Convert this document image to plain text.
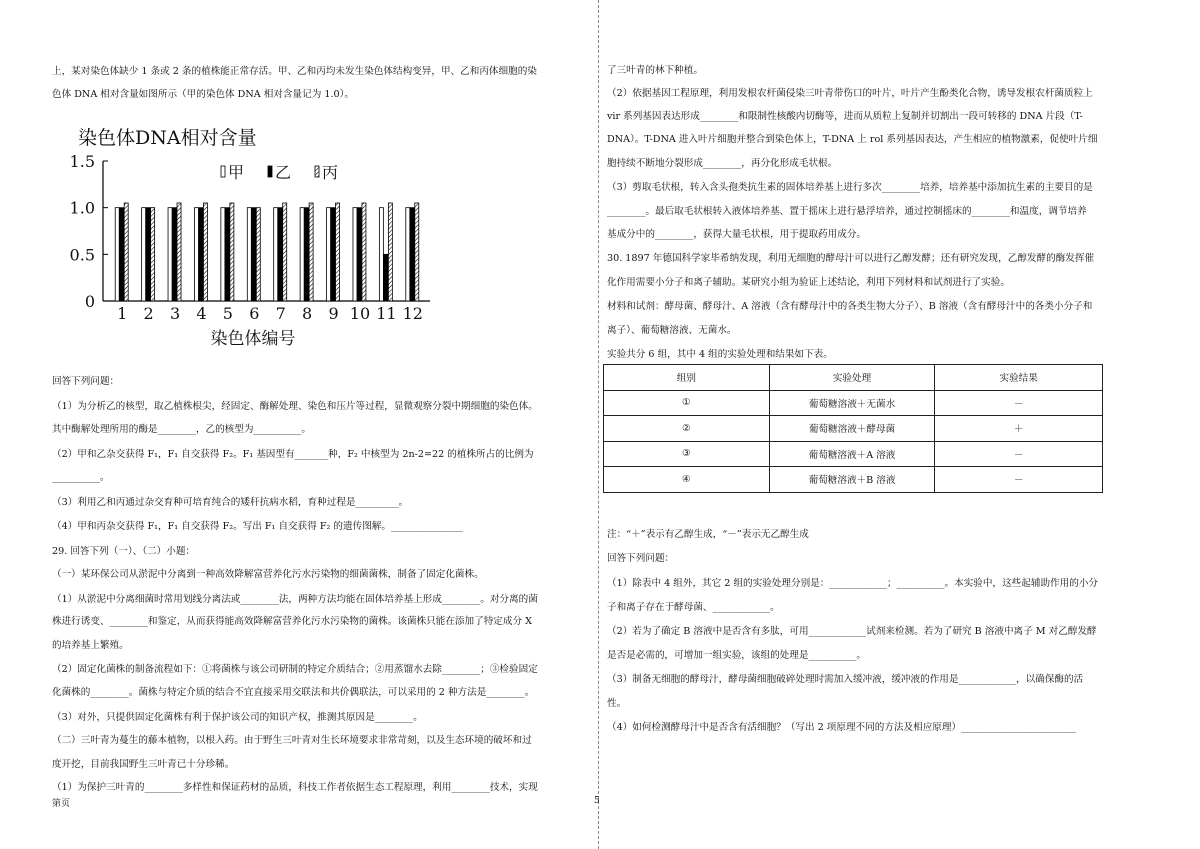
上，某对染色体缺少 1 条或 2 条的植株能正常存活。甲、乙和丙均未发生染色体结构变异，甲、乙和丙体细胞的染
色体 DNA 相对含量如图所示（甲的染色体 DNA 相对含量记为 1.0）。
回答下列问题：
（1）为分析乙的核型，取乙植株根尖，经固定、酶解处理、染色和压片等过程，显微观察分裂中期细胞的染色体。
其中酶解处理所用的酶是________，乙的核型为__________。
（2）甲和乙杂交获得 F₁，F₁ 自交获得 F₂。F₁ 基因型有_______种，F₂ 中核型为 2n-2=22 的植株所占的比例为
__________。
（3）利用乙和丙通过杂交育种可培育纯合的矮秆抗病水稻，育种过程是_________。
（4）甲和丙杂交获得 F₁，F₁ 自交获得 F₂。写出 F₁ 自交获得 F₂ 的遗传图解。_______________
29. 回答下列（一）、（二）小题：
（一）某环保公司从淤泥中分离到一种高效降解富营养化污水污染物的细菌菌株，制备了固定化菌株。
（1）从淤泥中分离细菌时常用划线分离法或________法，两种方法均能在固体培养基上形成________。对分离的菌
株进行诱变、________和鉴定，从而获得能高效降解富营养化污水污染物的菌株。该菌株只能在添加了特定成分 X
的培养基上繁殖。
（2）固定化菌株的制备流程如下：①将菌株与该公司研制的特定介质结合；②用蒸馏水去除________；③检验固定
化菌株的________。菌株与特定介质的结合不宜直接采用交联法和共价偶联法，可以采用的 2 种方法是________。
（3）对外，只提供固定化菌株有利于保护该公司的知识产权，推测其原因是________。
（二）三叶青为蔓生的藤本植物，以根入药。由于野生三叶青对生长环境要求非常苛刻，以及生态环境的破坏和过
度开挖，目前我国野生三叶青已十分珍稀。
（1）为保护三叶青的________多样性和保证药材的品质，科技工作者依据生态工程原理，利用________技术，实现
了三叶青的林下种植。
（2）依据基因工程原理，利用发根农杆菌侵染三叶青带伤口的叶片，叶片产生酚类化合物，诱导发根农杆菌质粒上
vir 系列基因表达形成________和限制性核酸内切酶等，进而从质粒上复制并切割出一段可转移的 DNA 片段（T-
DNA）。T-DNA 进入叶片细胞并整合到染色体上，T-DNA 上 rol 系列基因表达，产生相应的植物激素，促使叶片细
胞持续不断地分裂形成________，再分化形成毛状根。
（3）剪取毛状根，转入含头孢类抗生素的固体培养基上进行多次________培养，培养基中添加抗生素的主要目的是
________。最后取毛状根转入液体培养基、置于摇床上进行悬浮培养，通过控制摇床的________和温度，调节培养
基成分中的________，获得大量毛状根，用于提取药用成分。
30. 1897 年德国科学家毕希纳发现，利用无细胞的酵母汁可以进行乙醇发酵；还有研究发现，乙醇发酵的酶发挥催
化作用需要小分子和离子辅助。某研究小组为验证上述结论，利用下列材料和试剂进行了实验。
材料和试剂：酵母菌、酵母汁、A 溶液（含有酵母汁中的各类生物大分子）、B 溶液（含有酵母汁中的各类小分子和
离子）、葡萄糖溶液、无菌水。
实验共分 6 组，其中 4 组的实验处理和结果如下表。
染色体DNA相对含量
0
0.5
1.0
1.5
1 2 3 4 5 6 7 8 9 10 11 12
甲 乙 丙
染色体编号
组别	实验处理	实验结果
①	葡萄糖溶液＋无菌水	－
②	葡萄糖溶液＋酵母菌	＋
③	葡萄糖溶液＋A 溶液	－
④	葡萄糖溶液＋B 溶液	－
注：“＋”表示有乙醇生成，“－”表示无乙醇生成
回答下列问题：
（1）除表中 4 组外，其它 2 组的实验处理分别是：____________；__________。本实验中，这些起辅助作用的小分
子和离子存在于酵母菌、____________。
（2）若为了确定 B 溶液中是否含有多肽，可用____________试剂来检测。若为了研究 B 溶液中离子 M 对乙醇发酵
是否是必需的，可增加一组实验，该组的处理是__________。
（3）制备无细胞的酵母汁，酵母菌细胞破碎处理时需加入缓冲液，缓冲液的作用是____________，以确保酶的活
性。
（4）如何检测酵母汁中是否含有活细胞？（写出 2 项原理不同的方法及相应原理）________________________
第页	5
